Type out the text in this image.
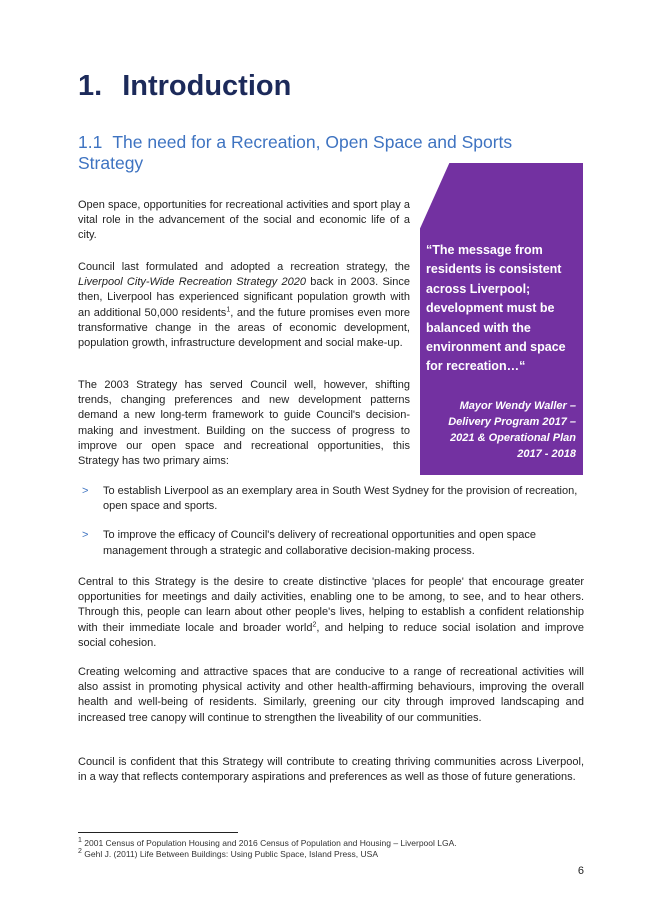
1. Introduction
1.1 The need for a Recreation, Open Space and Sports Strategy

Open space, opportunities for recreational activities and sport play a vital role in the advancement of the social and economic life of a city.

Council last formulated and adopted a recreation strategy, the Liverpool City-Wide Recreation Strategy 2020 back in 2003. Since then, Liverpool has experienced significant population growth with an additional 50,000 residents$^1$, and the future promises even more transformative change in the areas of economic development, population growth, infrastructure development and social make-up.

The 2003 Strategy has served Council well, however, shifting trends, changing preferences and new development patterns demand a new long-term framework to guide Council's decision-making and investment. Building on the success of progress to improve our open space and recreational opportunities, this Strategy has two primary aims:

“The message from residents is consistent across Liverpool; development must be balanced with the environment and space for recreation…“

Mayor Wendy Waller – Delivery Program 2017 – 2021 & Operational Plan 2017 - 2018

> To establish Liverpool as an exemplary area in South West Sydney for the provision of recreation, open space and sports.
> To improve the efficacy of Council's delivery of recreational opportunities and open space management through a strategic and collaborative decision-making process.

Central to this Strategy is the desire to create distinctive 'places for people' that encourage greater opportunities for meetings and daily activities, enabling one to be among, to see, and to hear others. Through this, people can learn about other people's lives, helping to establish a confident relationship with their immediate locale and broader world$^2$, and helping to reduce social isolation and improve social cohesion.

Creating welcoming and attractive spaces that are conducive to a range of recreational activities will also assist in promoting physical activity and other health-affirming behaviours, improving the overall health and well-being of residents. Similarly, greening our city through improved landscaping and increased tree canopy will continue to strengthen the liveability of our communities.

Council is confident that this Strategy will contribute to creating thriving communities across Liverpool, in a way that reflects contemporary aspirations and preferences as well as those of future generations.

$^1$ 2001 Census of Population Housing and 2016 Census of Population and Housing – Liverpool LGA.

$^2$ Gehl J. (2011) Life Between Buildings: Using Public Space, Island Press, USA

6
